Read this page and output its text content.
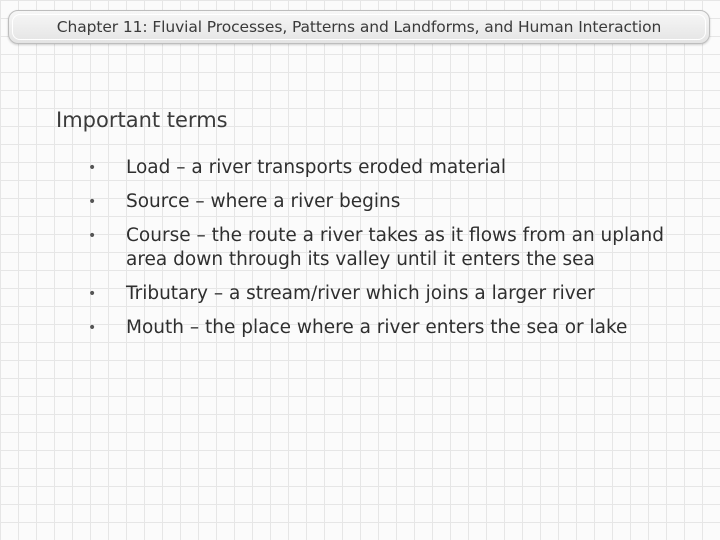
Chapter 11: Fluvial Processes, Patterns and Landforms, and Human Interaction
Important terms
•	Load – a river transports eroded material
•	Source – where a river begins
•	Course – the route a river takes as it flows from an upland area down through its valley until it enters the sea
•	Tributary – a stream/river which joins a larger river
•	Mouth – the place where a river enters the sea or lake
